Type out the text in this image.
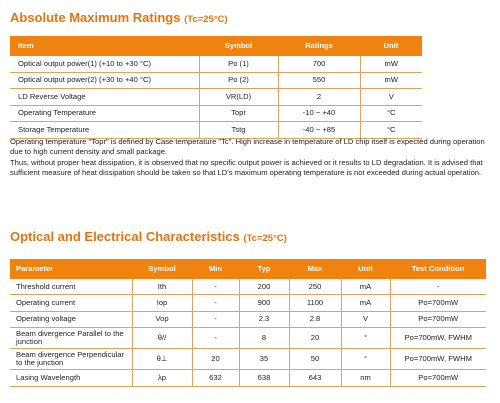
Absolute Maximum Ratings (Tc=25°C)
Item	Symbol	Ratings	Unit
Optical output power(1) (+10 to +30 °C)	Po (1)	700	mW
Optical output power(2) (+30 to +40 °C)	Po (2)	550	mW
LD Reverse Voltage	VR(LD)	2	V
Operating Temperature	Topr	-10 ~ +40	°C
Storage Temperature	Tstg	-40 ~ +85	°C

Operating temperature "Topr" is defined by Case temperature "Tc". High increase in temperature of LD chip itself is expected during operation due to high current density and small package.

Thus, without proper heat dissipation, it is observed that no specific output power is achieved or it results to LD degradation. It is advised that sufficient measure of heat dissipation should be taken so that LD's maximum operating temperature is not exceeded during actual operation.

Optical and Electrical Characteristics (Tc=25°C)
Parameter	Symbol	Min	Typ	Max	Unit	Test Condition
Threshold current	Ith	-	200	250	mA	-
Operating current	Iop	-	900	1100	mA	Po=700mW
Operating voltage	Vop	-	2.3	2.8	V	Po=700mW
Beam divergence Parallel to the junction	θ//	-	8	20	°	Po=700mW, FWHM
Beam divergence Perpendicular to the junction	θ⊥	20	35	50	°	Po=700mW, FWHM
Lasing Wavelength	λp	632	638	643	nm	Po=700mW
